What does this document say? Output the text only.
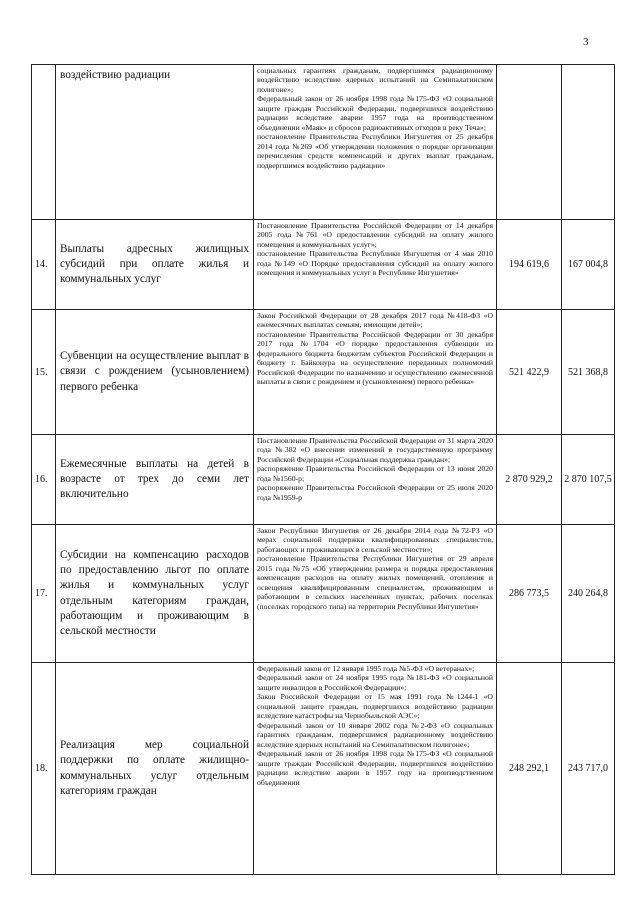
3
	воздействию радиации	социальных гарантиях гражданам, подвергшимся радиационному воздействию вследствие ядерных испытаний на Семипалатинском полигоне»;
Федеральный закон от 26 ноября 1998 года №175-ФЗ «О социальной защите граждан Российской Федерации, подвергшихся воздействию радиации вследствие аварии 1957 года на производственном объединении «Маяк» и сбросов радиоактивных отходов в реку Теча»;
постановление Правительства Республики Ингушетия от 25 декабря 2014 года №269 «Об утверждении положения о порядке организации перечисления средств компенсаций и других выплат гражданам, подвергшимся воздействию радиации»		

14.	Выплаты адресных жилищных субсидий при оплате жилья и коммунальных услуг	Постановление Правительства Российской Федерации от 14 декабря 2005 года №761 «О предоставлении субсидий на оплату жилого помещения и коммунальных услуг»;
постановление Правительства Республики Ингушетия от 4 мая 2010 года №149 «О Порядке предоставления субсидий на оплату жилого помещения и коммунальных услуг в Республике Ингушетия»	194 619,6	167 004,8
15.	Субвенции на осуществление выплат в связи с рождением (усыновлением) первого ребенка	Закон Российской Федерации от 28 декабря 2017 года №418-ФЗ «О ежемесячных выплатах семьям, имеющим детей»;
постановление Правительства Российской Федерации от 30 декабря 2017 года №1704 «О порядке предоставления субвенции из федерального бюджета бюджетам субъектов Российской Федерации и бюджету г. Байконура на осуществление переданных полномочий Российской Федерации по назначению и осуществлению ежемесячной выплаты в связи с рождением и (усыновлением) первого ребенка»	521 422,9	521 368,8
16.	Ежемесячные выплаты на детей в возрасте от трех до семи лет включительно	Постановление Правительства Российской Федерации от 31 марта 2020 года №382 «О внесении изменений в государственную программу Российской Федерации «Социальная поддержка граждан»;
распоряжение Правительства Российской Федерации от 13 июня 2020 года №1560-р;
распоряжение Правительства Российской Федерации от 25 июля 2020 года №1959-р	2 870 929,2	2 870 107,5
17.	Субсидии на компенсацию расходов по предоставлению льгот по оплате жилья и коммунальных услуг отдельным категориям граждан, работающим и проживающим в сельской местности	Закон Республики Ингушетия от 26 декабря 2014 года №72-РЗ «О мерах социальной поддержки квалифицированных специалистов, работающих и проживающих в сельской местности»;
постановление Правительства Республики Ингушетия от 29 апреля 2015 года №75 «Об утверждении размера и порядка предоставления компенсации расходов на оплату жилых помещений, отопления и освещения квалифицированным специалистам, проживающим и работающим в сельских населенных пунктах, рабочих поселках (поселках городского типа) на территории Республики Ингушетия»	286 773,5	240 264,8
18.	Реализация мер социальной поддержки по оплате жилищно-коммунальных услуг отдельным категориям граждан	Федеральный закон от 12 января 1995 года №5-ФЗ «О ветеранах»;
Федеральный закон от 24 ноября 1995 года №181-ФЗ «О социальной защите инвалидов в Российской Федерации»;
Закон Российской Федерации от 15 мая 1991 года №1244-1 «О социальной защите граждан, подвергшихся воздействию радиации вследствие катастрофы на Чернобыльской АЭС»;
Федеральный закон от 10 января 2002 года №2-ФЗ «О социальных гарантиях гражданам, подвергшимся радиационному воздействию вследствие ядерных испытаний на Семипалатинском полигоне»;
Федеральный закон от 26 ноября 1998 года №175-ФЗ «О социальной защите граждан Российской Федерации, подвергшихся воздействию радиации вследствие аварии в 1957 году на производственном объединении	248 292,1	243 717,0
